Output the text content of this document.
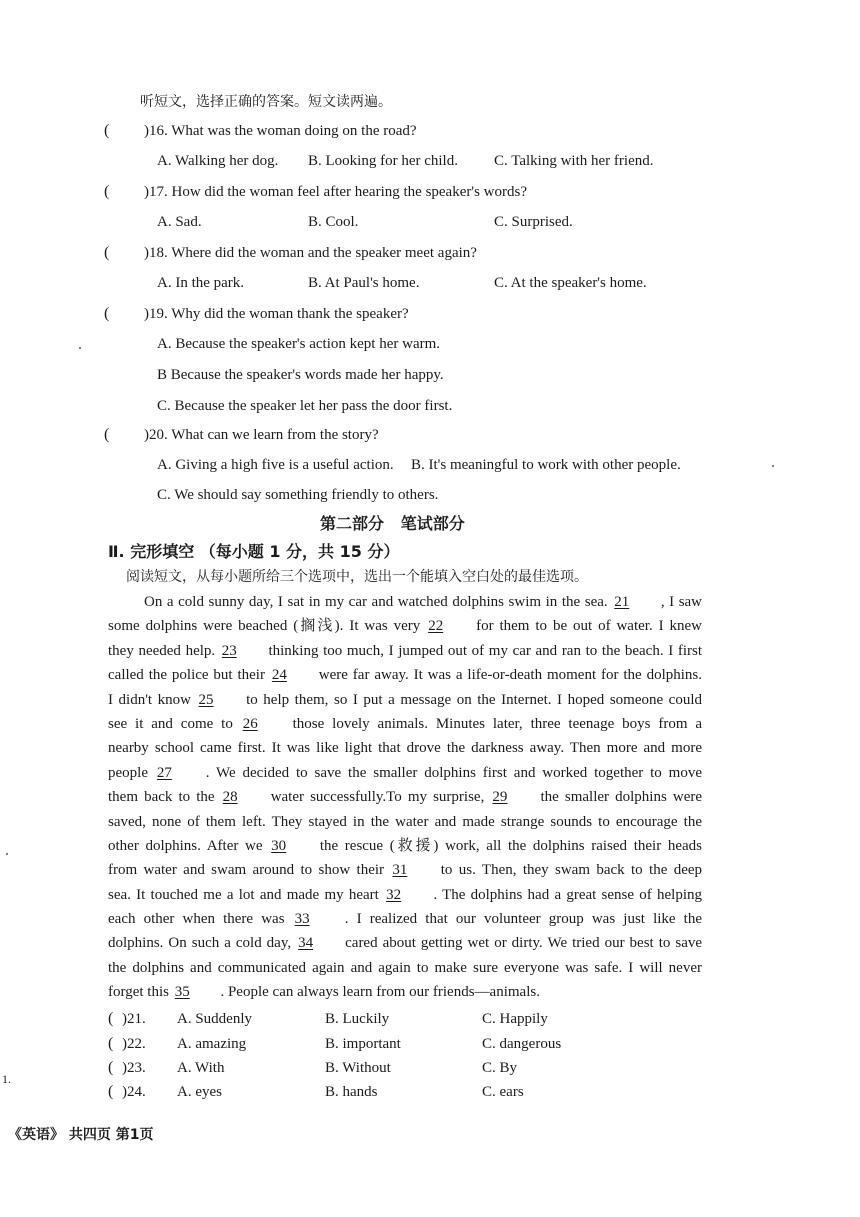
听短文，选择正确的答案。短文读两遍。
( )16. What was the woman doing on the road?
A. Walking her dog. B. Looking for her child. C. Talking with her friend.
( )17. How did the woman feel after hearing the speaker's words?
A. Sad.	B. Cool.	C. Surprised.
( )18. Where did the woman and the speaker meet again?
A. In the park.	B. At Paul's home.	C. At the speaker's home.
( )19. Why did the woman thank the speaker?
A. Because the speaker's action kept her warm.
B Because the speaker's words made her happy.
C. Because the speaker let her pass the door first.
( )20. What can we learn from the story?
A. Giving a high five is a useful action. B. It's meaningful to work with other people.
C. We should say something friendly to others.
第二部分   笔试部分
Ⅱ. 完形填空 （每小题 1 分，共 15 分）
阅读短文，从每小题所给三个选项中，选出一个能填入空白处的最佳选项。
On a cold sunny day, I sat in my car and watched dolphins swim in the sea. 21 , I saw
some dolphins were beached (搁浅). It was very 22 for them to be out of water. I knew
they needed help. 23 thinking too much, I jumped out of my car and ran to the beach. I first
called the police but their 24 were far away. It was a life-or-death moment for the dolphins.
I didn't know 25 to help them, so I put a message on the Internet. I hoped someone could
see it and come to 26 those lovely animals. Minutes later, three teenage boys from a
nearby school came first. It was like light that drove the darkness away. Then more and more
people 27 . We decided to save the smaller dolphins first and worked together to move
them back to the 28 water successfully.To my surprise, 29 the smaller dolphins were
saved, none of them left. They stayed in the water and made strange sounds to encourage the
other dolphins. After we 30 the rescue (救援) work, all the dolphins raised their heads
from water and swam around to show their 31 to us. Then, they swam back to the deep
sea. It touched me a lot and made my heart 32 . The dolphins had a great sense of helping
each other when there was 33 . I realized that our volunteer group was just like the
dolphins. On such a cold day, 34 cared about getting wet or dirty. We tried our best to save
the dolphins and communicated again and again to make sure everyone was safe. I will never
forget this 35 . People can always learn from our friends—animals.
( )21. A. Suddenly	B. Luckily	C. Happily
( )22. A. amazing	B. important	C. dangerous
( )23. A. With	B. Without	C. By
( )24. A. eyes	B. hands	C. ears
《英语》 共四页 第1页
1.
